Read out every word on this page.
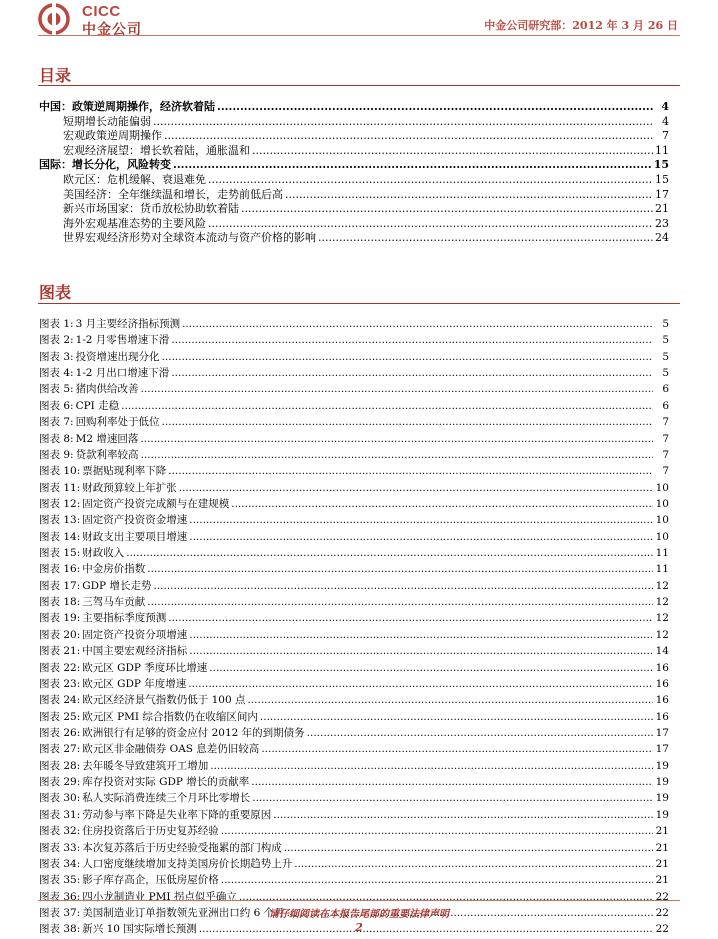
CICC
中金公司	中金公司研究部：2012 年 3 月 26 日
目录
中国：政策逆周期操作，经济软着陆 .....	4
短期增长动能偏弱 .....	4
宏观政策逆周期操作 .....	7
宏观经济展望：增长软着陆，通胀温和 .....	11
国际：增长分化，风险转变 .....	15
欧元区：危机缓解、衰退难免 .....	15
美国经济：全年继续温和增长，走势前低后高 .....	17
新兴市场国家：货币放松协助软着陆 .....	21
海外宏观基准态势的主要风险 .....	23
世界宏观经济形势对全球资本流动与资产价格的影响 .....	24
图表
图表 1: 3 月主要经济指标预测 .....	5
图表 2: 1-2 月零售增速下滑 .....	5
图表 3: 投资增速出现分化 .....	5
图表 4: 1-2 月出口增速下滑 .....	5
图表 5: 猪肉供给改善 .....	6
图表 6: CPI 走稳 .....	6
图表 7: 回购利率处于低位 .....	7
图表 8: M2 增速回落 .....	7
图表 9: 贷款利率较高 .....	7
图表 10: 票据贴现利率下降 .....	7
图表 11: 财政预算较上年扩张 .....	10
图表 12: 固定资产投资完成额与在建规模 .....	10
图表 13: 固定资产投资资金增速 .....	10
图表 14: 财政支出主要项目增速 .....	10
图表 15: 财政收入 .....	11
图表 16: 中金房价指数 .....	11
图表 17: GDP 增长走势 .....	12
图表 18: 三驾马车贡献 .....	12
图表 19: 主要指标季度预测 .....	12
图表 20: 固定资产投资分项增速 .....	12
图表 21: 中国主要宏观经济指标 .....	14
图表 22: 欧元区 GDP 季度环比增速 .....	16
图表 23: 欧元区 GDP 年度增速 .....	16
图表 24: 欧元区经济景气指数仍低于 100 点 .....	16
图表 25: 欧元区 PMI 综合指数仍在收缩区间内 .....	16
图表 26: 欧洲银行有足够的资金应付 2012 年的到期债务 .....	17
图表 27: 欧元区非金融债券 OAS 息差仍旧较高 .....	17
图表 28: 去年暖冬导致建筑开工增加 .....	19
图表 29: 库存投资对实际 GDP 增长的贡献率 .....	19
图表 30: 私人实际消费连续三个月环比零增长 .....	19
图表 31: 劳动参与率下降是失业率下降的重要原因 .....	19
图表 32: 住房投资落后于历史复苏经验 .....	21
图表 33: 本次复苏落后于历史经验受拖累的部门构成 .....	21
图表 34: 人口密度继续增加支持美国房价长期趋势上升 .....	21
图表 35: 影子库存高企，压低房屋价格 .....	21
图表 36: 四小龙制造业 PMI 拐点似乎确立 .....	22
图表 37: 美国制造业订单指数领先亚洲出口约 6 个月 .....	22
图表 38: 新兴 10 国实际增长预测 .....	22
请仔细阅读在本报告尾部的重要法律声明
2
